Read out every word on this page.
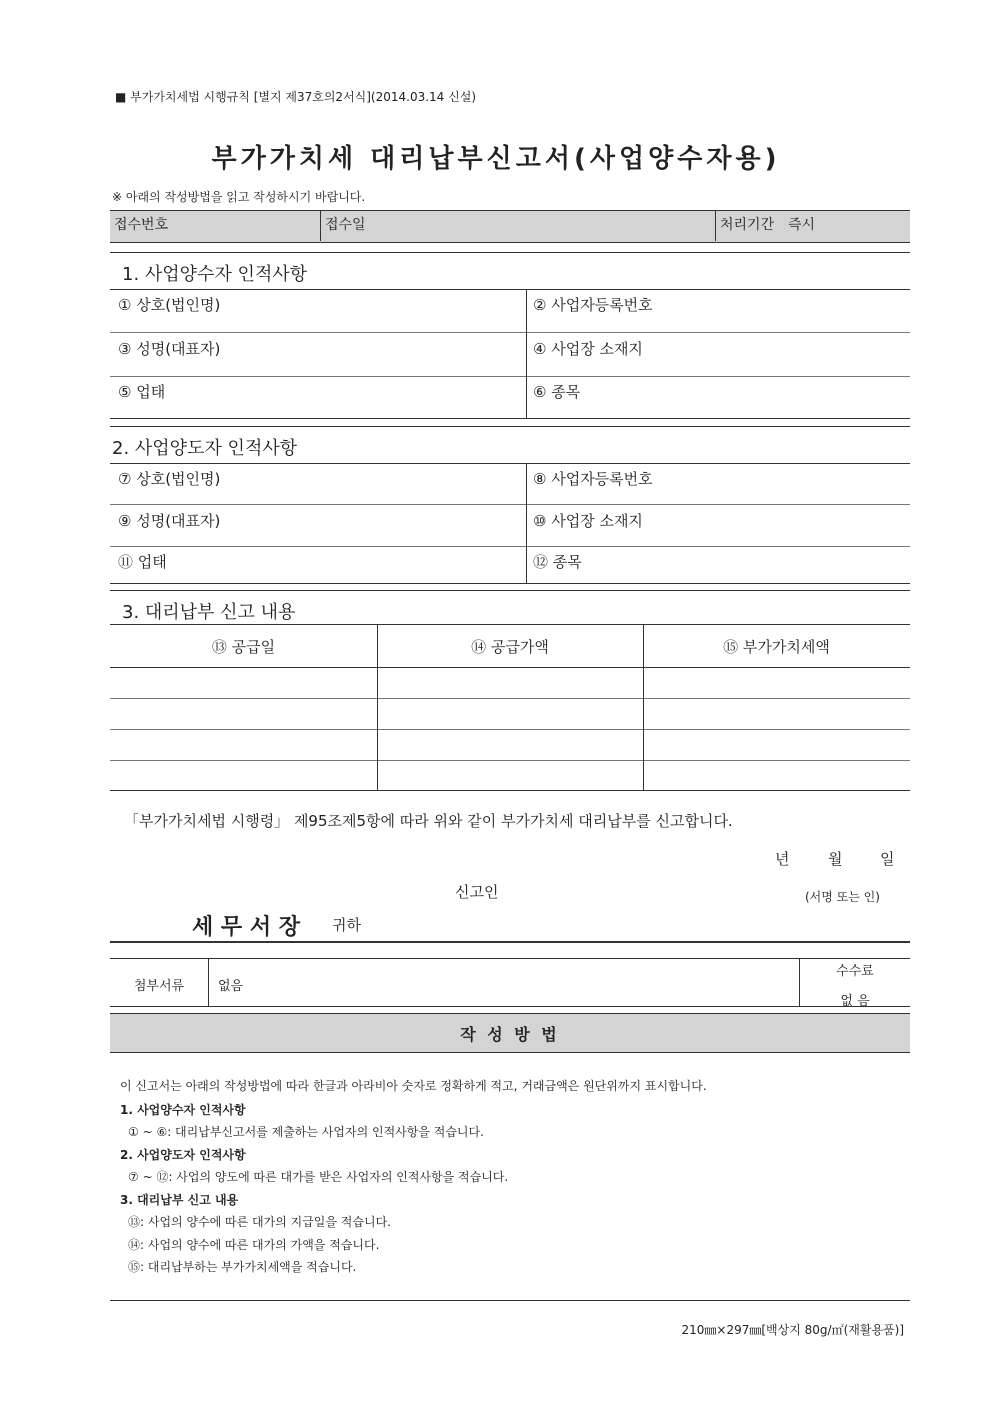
■ 부가가치세법 시행규칙 [별지 제37호의2서식](2014.03.14 신설)
부가가치세 대리납부신고서(사업양수자용)
※ 아래의 작성방법을 읽고 작성하시기 바랍니다.
접수번호	접수일	처리기간 즉시
1. 사업양수자 인적사항
① 상호(법인명)	② 사업자등록번호
③ 성명(대표자)	④ 사업장 소재지
⑤ 업태	⑥ 종목
2. 사업양도자 인적사항
⑦ 상호(법인명)	⑧ 사업자등록번호
⑨ 성명(대표자)	⑩ 사업장 소재지
⑪ 업태	⑫ 종목
3. 대리납부 신고 내용
⑬ 공급일	⑭ 공급가액	⑮ 부가가치세액
「부가가치세법 시행령」 제95조제5항에 따라 위와 같이 부가가치세 대리납부를 신고합니다.
년	월	일
신고인	(서명 또는 인)
세 무 서 장 귀하
첨부서류	없음
수수료
없 음
작 성 방 법
이 신고서는 아래의 작성방법에 따라 한글과 아라비아 숫자로 정확하게 적고, 거래금액은 원단위까지 표시합니다.
1. 사업양수자 인적사항
① ~ ⑥: 대리납부신고서를 제출하는 사업자의 인적사항을 적습니다.
2. 사업양도자 인적사항
⑦ ~ ⑫: 사업의 양도에 따른 대가를 받은 사업자의 인적사항을 적습니다.
3. 대리납부 신고 내용
⑬: 사업의 양수에 따른 대가의 지급일을 적습니다.
⑭: 사업의 양수에 따른 대가의 가액을 적습니다.
⑮: 대리납부하는 부가가치세액을 적습니다.
210㎜×297㎜[백상지 80g/㎡(재활용품)]
